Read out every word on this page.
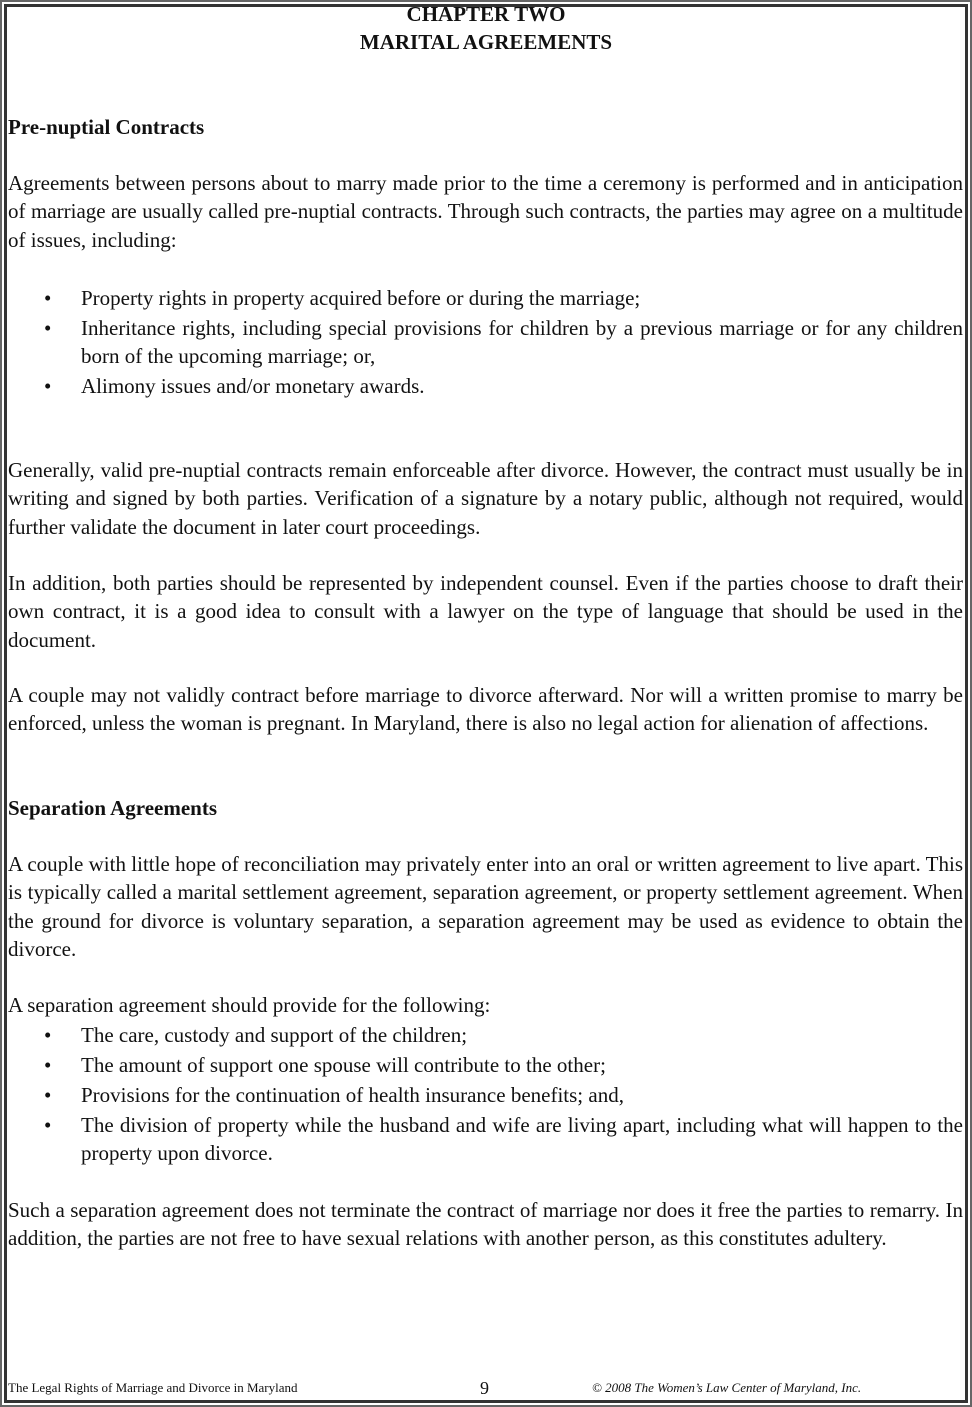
CHAPTER TWO
MARITAL AGREEMENTS
Pre-nuptial Contracts
Agreements between persons about to marry made prior to the time a ceremony is performed and in anticipation of marriage are usually called pre-nuptial contracts. Through such contracts, the parties may agree on a multitude of issues, including:
• Property rights in property acquired before or during the marriage;
• Inheritance rights, including special provisions for children by a previous marriage or for any children born of the upcoming marriage; or,
• Alimony issues and/or monetary awards.
Generally, valid pre-nuptial contracts remain enforceable after divorce. However, the contract must usually be in writing and signed by both parties. Verification of a signature by a notary public, although not required, would further validate the document in later court proceedings.
In addition, both parties should be represented by independent counsel. Even if the parties choose to draft their own contract, it is a good idea to consult with a lawyer on the type of language that should be used in the document.
A couple may not validly contract before marriage to divorce afterward. Nor will a written promise to marry be enforced, unless the woman is pregnant. In Maryland, there is also no legal action for alienation of affections.
Separation Agreements
A couple with little hope of reconciliation may privately enter into an oral or written agreement to live apart. This is typically called a marital settlement agreement, separation agreement, or property settlement agreement. When the ground for divorce is voluntary separation, a separation agreement may be used as evidence to obtain the divorce.
A separation agreement should provide for the following:
• The care, custody and support of the children;
• The amount of support one spouse will contribute to the other;
• Provisions for the continuation of health insurance benefits; and,
• The division of property while the husband and wife are living apart, including what will happen to the property upon divorce.
Such a separation agreement does not terminate the contract of marriage nor does it free the parties to remarry. In addition, the parties are not free to have sexual relations with another person, as this constitutes adultery.
The Legal Rights of Marriage and Divorce in Maryland	9	© 2008 The Women’s Law Center of Maryland, Inc.
